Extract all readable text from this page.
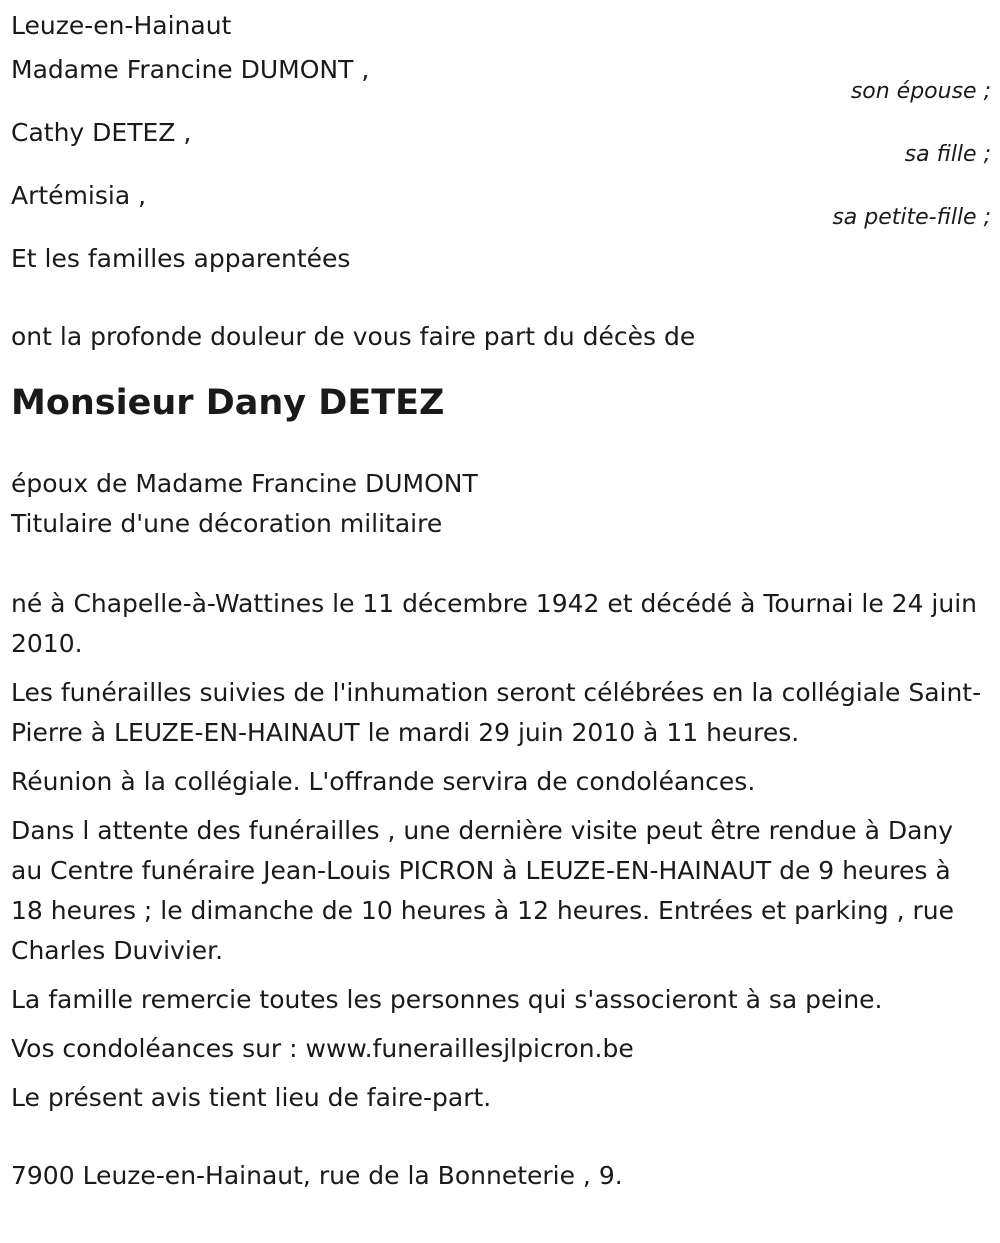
Leuze-en-Hainaut
Madame Francine DUMONT ,
son épouse ;
Cathy DETEZ ,
sa fille ;
Artémisia ,
sa petite-fille ;
Et les familles apparentées
ont la profonde douleur de vous faire part du décès de
Monsieur Dany DETEZ
époux de Madame Francine DUMONT
Titulaire d'une décoration militaire
né à Chapelle-à-Wattines le 11 décembre 1942 et décédé à Tournai le 24 juin 2010.
Les funérailles suivies de l'inhumation seront célébrées en la collégiale Saint-Pierre à LEUZE-EN-HAINAUT le mardi 29 juin 2010 à 11 heures.
Réunion à la collégiale. L'offrande servira de condoléances.
Dans l attente des funérailles , une dernière visite peut être rendue à Dany au Centre funéraire Jean-Louis PICRON à LEUZE-EN-HAINAUT de 9 heures à 18 heures ; le dimanche de 10 heures à 12 heures. Entrées et parking , rue Charles Duvivier.
La famille remercie toutes les personnes qui s'associeront à sa peine.
Vos condoléances sur : www.funeraillesjlpicron.be
Le présent avis tient lieu de faire-part.
7900 Leuze-en-Hainaut, rue de la Bonneterie , 9.
